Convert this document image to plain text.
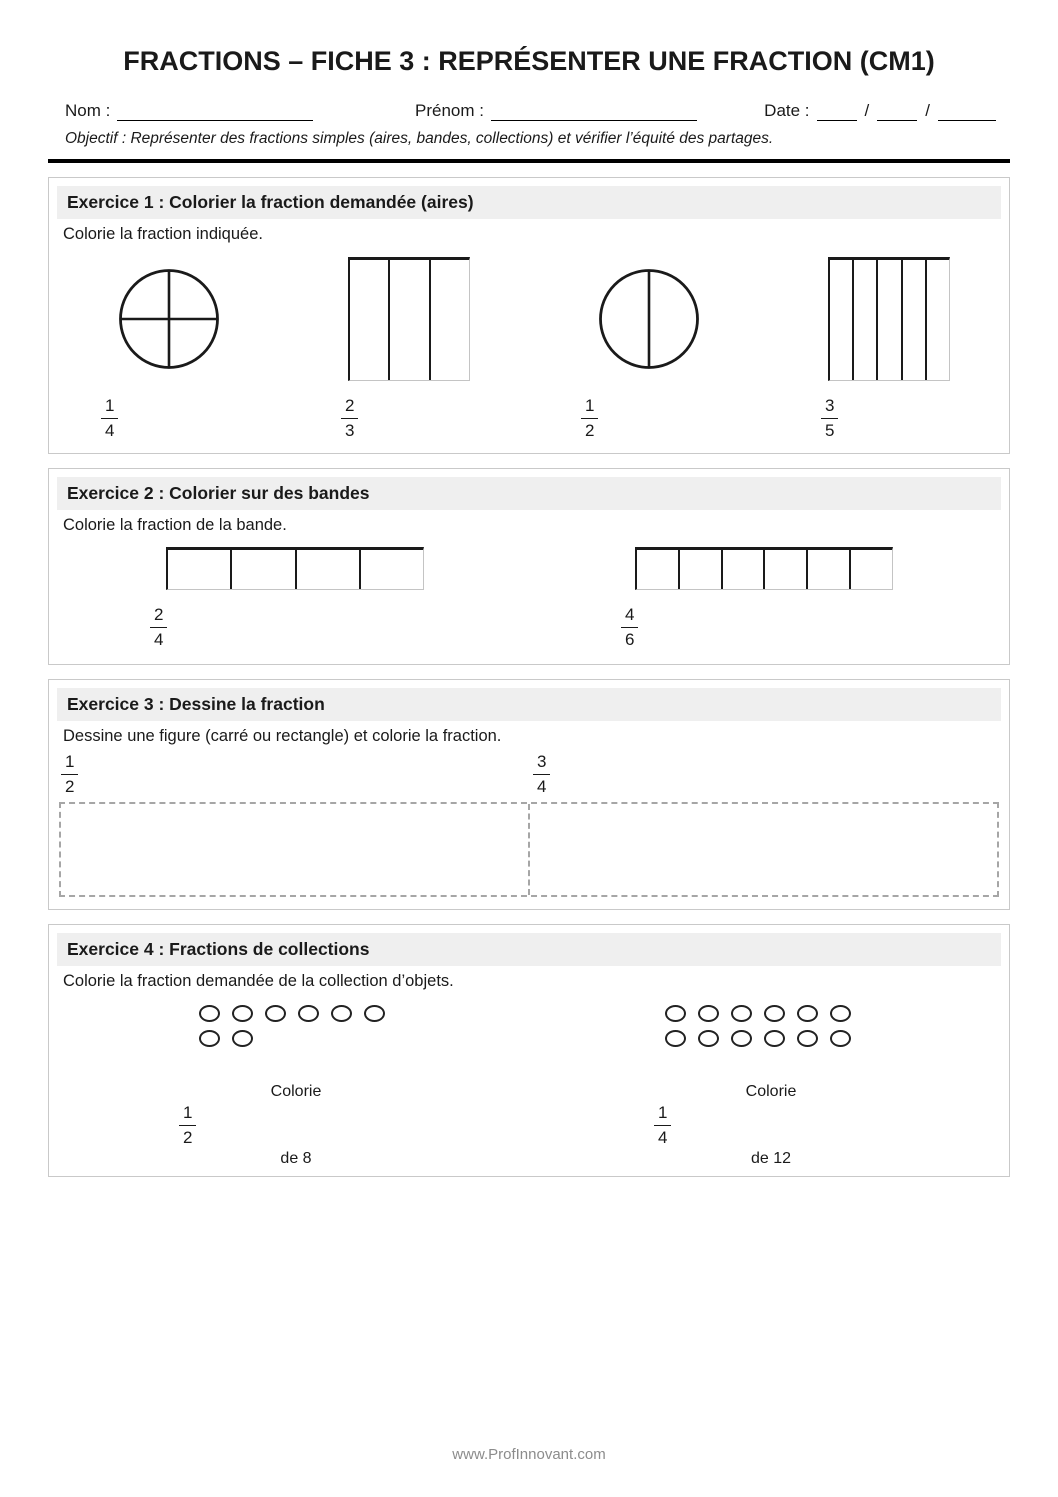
FRACTIONS – FICHE 3 : REPRÉSENTER UNE FRACTION (CM1)
Nom :	Prénom :	Date :	/	/
Objectif : Représenter des fractions simples (aires, bandes, collections) et vérifier l’équité des partages.
Exercice 1 : Colorier la fraction demandée (aires)
Colorie la fraction indiquée.
$\frac{1}{4}$	$\frac{2}{3}$	$\frac{1}{2}$	$\frac{3}{5}$
Exercice 2 : Colorier sur des bandes
Colorie la fraction de la bande.
$\frac{2}{4}$	$\frac{4}{6}$
Exercice 3 : Dessine la fraction
Dessine une figure (carré ou rectangle) et colorie la fraction.
$\frac{1}{2}$	$\frac{3}{4}$
Exercice 4 : Fractions de collections
Colorie la fraction demandée de la collection d’objets.
Colorie
$\frac{1}{2}$
de 8
Colorie
$\frac{1}{4}$
de 12
www.ProfInnovant.com
